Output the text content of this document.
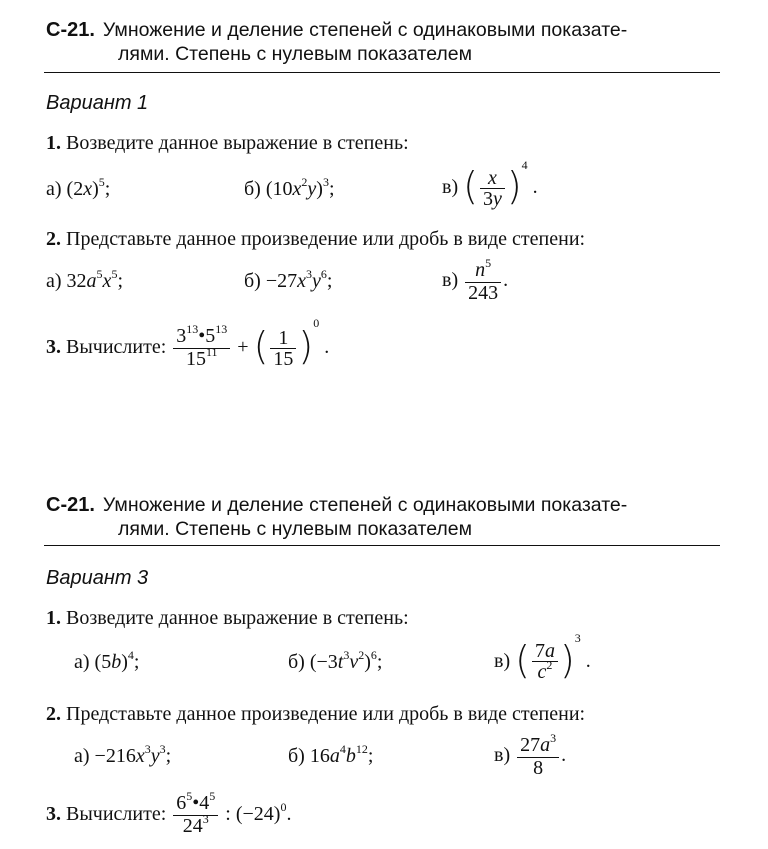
С-21. Умножение и деление степеней с одинаковыми показате-
лями. Степень с нулевым показателем
Вариант 1
1. Возведите данное выражение в степень:
а) $(2x)^5$;	б) $(10x^2y)^3$;	в) ( $\frac{x}{3y} )^4$ .
2. Представьте данное произведение или дробь в виде степени:
а) $32a^5x^5$;	$б) -27x^3y^6$;	$в) \frac{n^5}{243}$ .
3. Вычислите: $\frac{3^{13}•5^{13}}{15^{11}}$ + ( $\frac{1}{15} )^0$ .
С-21. Умножение и деление степеней с одинаковыми показате-
лями. Степень с нулевым показателем
Вариант 3
1. Возведите данное выражение в степень:
а) $(5b)^4$;	б) $(-3t^3v^2)^6$;	в) ( $\frac{7a}{c^2} )^3$ .
2. Представьте данное произведение или дробь в виде степени:
$а) -216x^3y^3$;	б) $16a^4b^{12}$;	$в) \frac{27a^3}{8}$ .
3. Вычислите: $\frac{6^5•4^5}{24^3}$ : $(-24)^0$.
